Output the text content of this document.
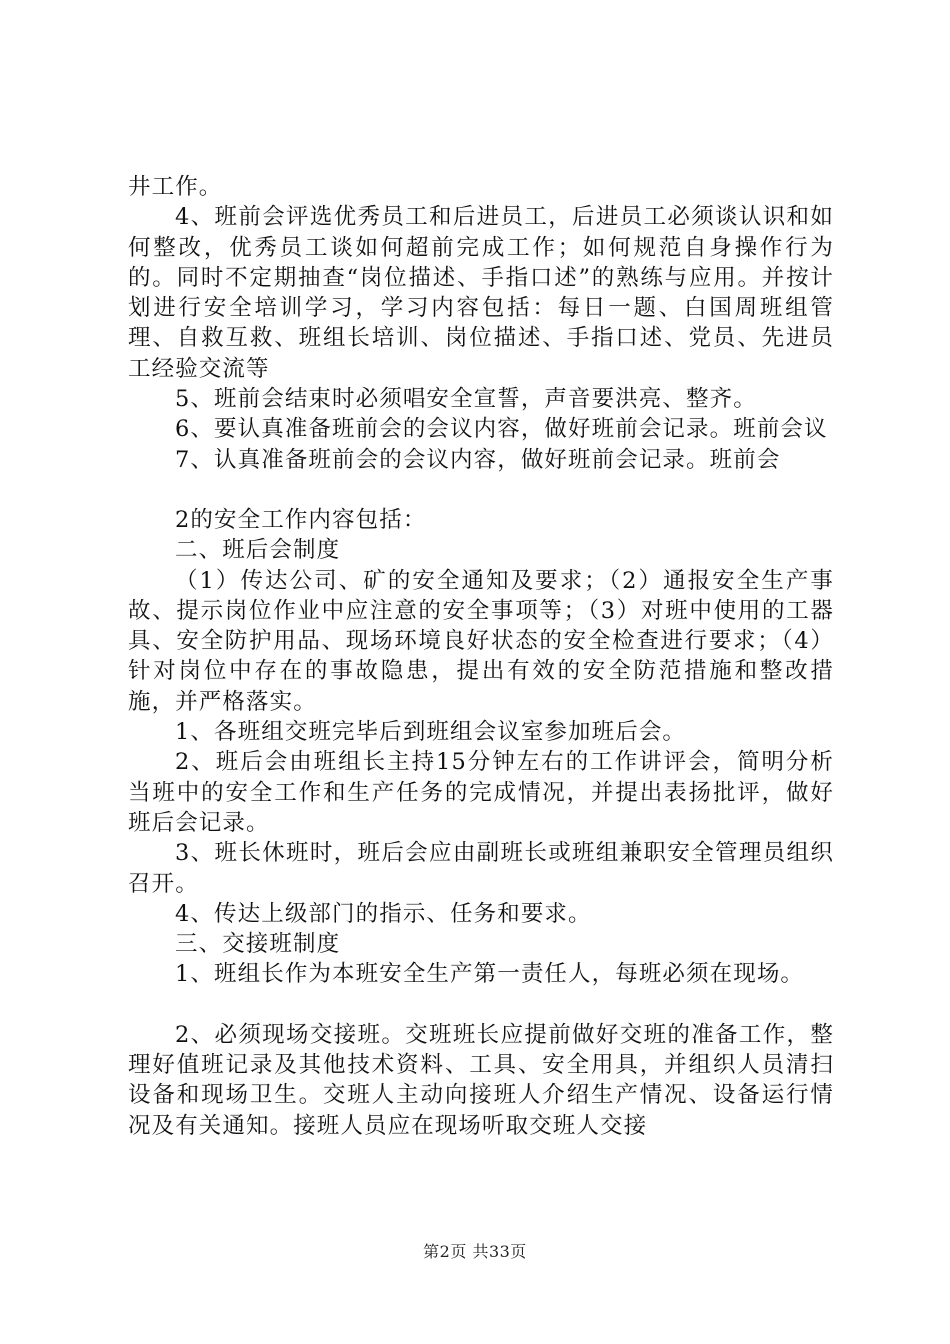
井工作。

4、班前会评选优秀员工和后进员工，后进员工必须谈认识和如何整改，优秀员工谈如何超前完成工作；如何规范自身操作行为的。同时不定期抽查“岗位描述、手指口述”的熟练与应用。并按计划进行安全培训学习，学习内容包括：每日一题、白国周班组管理、自救互救、班组长培训、岗位描述、手指口述、党员、先进员工经验交流等

5、班前会结束时必须唱安全宣誓，声音要洪亮、整齐。

6、要认真准备班前会的会议内容，做好班前会记录。班前会议

7、认真准备班前会的会议内容，做好班前会记录。班前会

2的安全工作内容包括：

二、班后会制度

（1）传达公司、矿的安全通知及要求；（2）通报安全生产事故、提示岗位作业中应注意的安全事项等；（3）对班中使用的工器具、安全防护用品、现场环境良好状态的安全检查进行要求；（4）针对岗位中存在的事故隐患，提出有效的安全防范措施和整改措施，并严格落实。

1、各班组交班完毕后到班组会议室参加班后会。

2、班后会由班组长主持15分钟左右的工作讲评会，简明分析当班中的安全工作和生产任务的完成情况，并提出表扬批评，做好班后会记录。

3、班长休班时，班后会应由副班长或班组兼职安全管理员组织召开。

4、传达上级部门的指示、任务和要求。

三、交接班制度

1、班组长作为本班安全生产第一责任人，每班必须在现场。

2、必须现场交接班。交班班长应提前做好交班的准备工作，整理好值班记录及其他技术资料、工具、安全用具，并组织人员清扫设备和现场卫生。交班人主动向接班人介绍生产情况、设备运行情况及有关通知。接班人员应在现场听取交班人交接

第2页 共33页
